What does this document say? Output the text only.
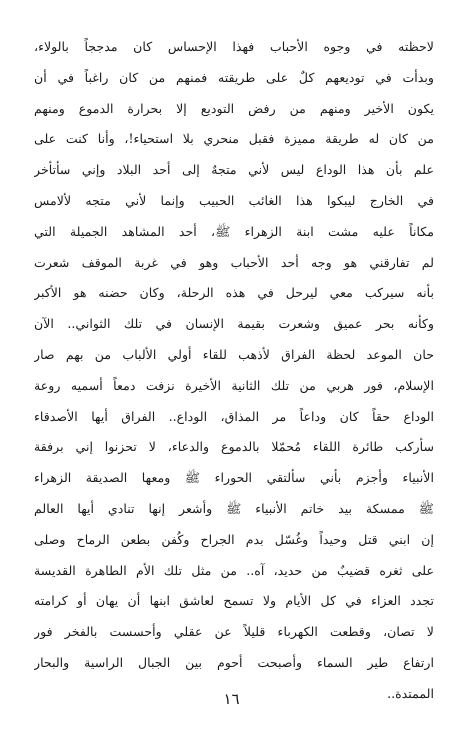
لاحظته في وجوه الأحباب فهذا الإحساس كان مدججاً بالولاء،
وبدأت في توديعهم كلٌ على طريقته فمنهم من كان راغباً في أن
يكون الأخير ومنهم من رفض التوديع إلا بحرارة الدموع ومنهم
من كان له طريقة مميزة فقبل منحري بلا استحياء!، وأنا كنت على
علم بأن هذا الوداع ليس لأني متجهٌ إلى أحد البلاد وإني سأتأخر
في الخارج ليبكوا هذا الغائب الحبيب وإنما لأني متجه لألامس
مكاناً عليه مشت ابنة الزهراء ﷺ، أحد المشاهد الجميلة التي
لم تفارقني هو وجه أحد الأحباب وهو في غربة الموقف شعرت
بأنه سيركب معي ليرحل في هذه الرحلة، وكان حضنه هو الأكبر
وكأنه بحر عميق وشعرت بقيمة الإنسان في تلك الثواني.. الآن
حان الموعد لحظة الفراق لأذهب للقاء أولي الألباب من بهم صار
الإسلام، فور هربي من تلك الثانية الأخيرة نزفت دمعاً أسميه روعة
الوداع حقاً كان وداعاً مر المذاق، الوداع.. الفراق أيها الأصدقاء
سأركب طائرة اللقاء مُحمّلا بالدموع والدعاء، لا تحزنوا إني برفقة
الأنبياء وأجزم بأني سألتقي الحوراء ﷺ ومعها الصديقة الزهراء
ﷺ ممسكة بيد خاتم الأنبياء ﷺ وأشعر إنها تنادي أيها العالم
إن ابني قتل وحيداً وغُسّل بدم الجراح وكُفن بطعن الرماح وصلى
على ثغره قضيبٌ من حديد، آه.. من مثل تلك الأم الطاهرة القديسة
تجدد العزاء في كل الأيام ولا تسمح لعاشق ابنها أن يهان أو كرامته
لا تصان، وقطعت الكهرباء قليلاً عن عقلي وأحسست بالفخر فور
ارتفاع طير السماء وأصبحت أحوم بين الجبال الراسية والبحار
الممتدة..
١٦
